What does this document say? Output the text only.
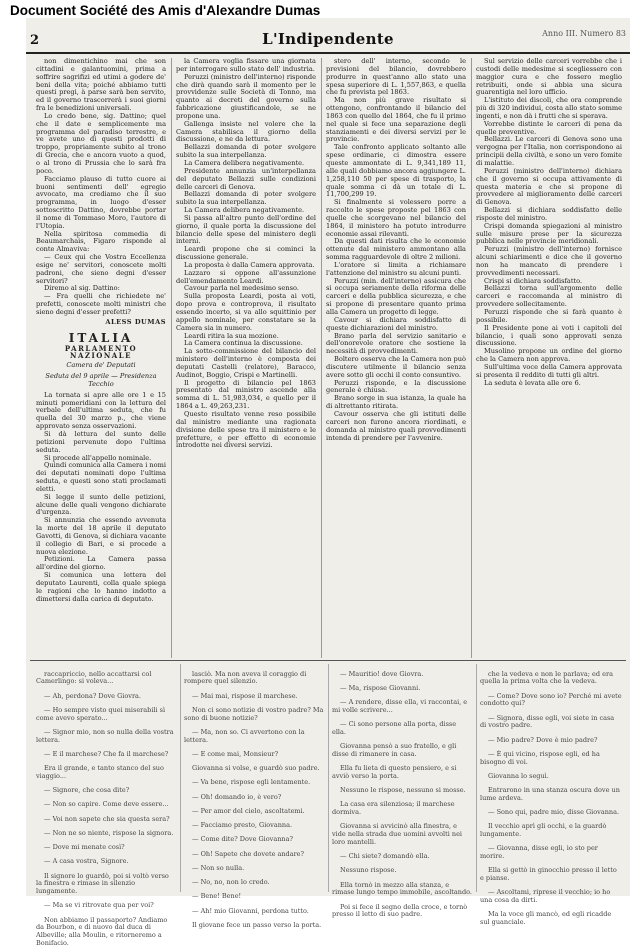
Document Société des Amis d'Alexandre Dumas
2	L'Indipendente	Anno III. Numero 83

non dimentichino mai che son cittadini e galantuomini, prima a soffrire sagrifizi ed utimi a godere de' beni della vita; poiché abbiamo tutti questi pregi, à parse sarà ben servito, ed il governo trascorrerà i suoi giorni fra le benedizioni universali.

Lo credo bene, sig. Dattino; quel che il date e semplicemente ma programma del paradiso terrestre, e ve avete uno di questi prodotti di troppo, propriamente subito al trono di Grecia, che e ancora vuoto a quod, o al trono di Prussia che lo sarà fra poco.

Facciamo plauso di tutto cuore ai buoni sentimenti dell' egregio avvocato, ma crediamo che il suo programma, in luogo d'esser sottoscritto Dattino, dovrebbe portar il nome di Tommaso Moro, l'autore di l'Utopia.

Nella spiritosa commedia di Beaumarchais, Figaro risponde al conte Almaviva:

— Ceux qui che Vostra Eccellenza esige ne' servitori, conoscete molti padroni, che sieno degni d'esser servitori?

Diremo al sig. Dattino:

— Fra quelli che richiedete ne' prefetti, conoscete molti ministri che sieno degni d'esser prefetti?

ALESS DUMAS
ITALIA
PARLAMENTO NAZIONALE
Camera de' Deputati
Seduta del 9 aprile — Presidenza Tecchio

La tornata si apre alle ore 1 e 15 minuti pomeridiani con la lettura del verbale dell'ultima seduta, che fu quella del 30 marzo p., che viene approvato senza osservazioni.

Si dà lettura del sunto delle petizioni pervenute dopo l'ultima seduta.

Si procede all'appello nominale.

Quindi comunica alla Camera i nomi dei deputati nominati dopo l'ultima seduta, e questi sono stati proclamati eletti.

Si legge il sunto delle petizioni, alcune delle quali vengono dichiarate d'urgenza.

Si annunzia che essendo avvenuta la morte del 18 aprile il deputato Gavotti, di Genova, si dichiara vacante il collegio di Bari, e si procede a nuova elezione.

Petizioni. La Camera passa all'ordine del giorno.

Si comunica una lettera del deputato Laurenti, colla quale spiega le ragioni che lo hanno indotto a dimettersi dalla carica di deputato.

la Camera voglia fissare una giornata per interrogare sullo stato dell' industria.

Peruzzi (ministro dell'interno) risponde che dirà quando sarà il momento per le provvidenze sulle Società di Tonno, ma quanto ai decreti del governo sulla fabbricazione giustificandole, se ne propone una.

Gallenga insiste nel volere che la Camera stabilisca il giorno della discussione, e ne da lettura.

Bellazzi domanda di poter svolgere subito la sua interpellanza.

La Camera delibera negativamente.

Presidente annunzia un'interpellanza del deputato Bellazzi sulle condizioni delle carceri di Genova.

Bellazzi domanda di poter svolgere subito la sua interpellanza.

La Camera delibera negativamente.

Si passa all'altro punto dell'ordine del giorno, il quale porta la discussione del bilancio delle spese del ministero degli interni.

Leardi propone che si cominci la discussione generale.

La proposta è dalla Camera approvata.

Lazzaro si oppone all'assunzione dell'emendamento Leardi.

Cavour parla nel medesimo senso.

Sulla proposta Leardi, posta ai voti, dopo prova e controprova, il risultato essendo incerto, si va allo squittinio per appello nominale, per constatare se la Camera sia in numero.

Leardi ritira la sua mozione.

La Camera continua la discussione.

La sotto-commissione del bilancio del ministero dell'interno è composta dei deputati Castelli (relatore), Baracco, Audinot, Boggio, Crispi e Martinelli.

Il progetto di bilancio pel 1863 presentato dal ministro ascende alla somma di L. 51,983,034, e quello per il 1864 a L. 49,263,231.

Questo risultato venne reso possibile dal ministro mediante una ragionata divisione delle spese tra il ministero e le prefetture, e per effetto di economie introdotte nei diversi servizi.

stero dell' interno, secondo le previsioni del bilancio, dovrebbero produrre in quest'anno allo stato una spesa superiore di L. 1,557,863, e quella che fu prevista pel 1863.

Ma non più grave risultato si ottengono, confrontando il bilancio del 1863 con quello del 1864, che fu il primo nel quale si fece una separazione degli stanziamenti e dei diversi servizi per le provincie.

Tale confronto applicato soltanto alle spese ordinarie, ci dimostra essere queste ammontate di L. 9,341,189 11, alle quali dobbiamo ancora aggiungere L. 1,258,110 50 per spese di trasporto, la quale somma ci dà un totale di L. 11,700,299 19.

Si finalmente si volessero porre a raccolto le spese proposte pel 1863 con quelle che scorgevano nel bilancio del 1864, il ministero ha potuto introdurre economie assai rilevanti.

Da questi dati risulta che le economie ottenute dal ministero ammontano alla somma ragguardevole di oltre 2 milioni.

L'oratore si limita a richiamare l'attenzione del ministro su alcuni punti.

Peruzzi (min. dell'interno) assicura che si occupa seriamente della riforma delle carceri e della pubblica sicurezza, e che si propone di presentare quanto prima alla Camera un progetto di legge.

Cavour si dichiara soddisfatto di queste dichiarazioni del ministro.

Brano parla del servizio sanitario e dell'onorevole oratore che sostiene la necessità di provvedimenti.

Boltero osserva che la Camera non può discutere utilmente il bilancio senza avere sotto gli occhi il conto consuntivo.

Peruzzi risponde, e la discussione generale è chiusa.

Brano sorge in sua istanza, la quale ha di altrettanto ritirata.

Cavour osserva che gli istituti delle carceri non furono ancora riordinati, e domanda al ministro quali provvedimenti intenda di prendere per l'avvenire.

Sul servizio delle carceri vorrebbe che i custodi delle medesime si scegliessero con maggior cura e che fossero meglio retribuiti, onde si abbia una sicura guarentigia nel loro ufficio.

L'istituto dei discoli, che ora comprende più di 320 individui, costa allo stato somme ingenti, e non dà i frutti che si sperava.

Vorrebbe distinte le carceri di pena da quelle preventive.

Bellazzi. Le carceri di Genova sono una vergogna per l'Italia, non corrispondono ai principii della civiltà, e sono un vero fomite di malattie.

Peruzzi (ministro dell'interno) dichiara che il governo si occupa attivamente di questa materia e che si propone di provvedere al miglioramento delle carceri di Genova.

Bellazzi si dichiara soddisfatto delle risposte del ministro.

Crispi domanda spiegazioni al ministro sulle misure prese per la sicurezza pubblica nelle provincie meridionali.

Peruzzi (ministro dell'interno) fornisce alcuni schiarimenti e dice che il governo non ha mancato di prendere i provvedimenti necessari.

Crispi si dichiara soddisfatto.

Bellazzi torna sull'argomento delle carceri e raccomanda al ministro di provvedere sollecitamente.

Peruzzi risponde che si farà quanto è possibile.

Il Presidente pone ai voti i capitoli del bilancio, i quali sono approvati senza discussione.

Musolino propone un ordine del giorno che la Camera non approva.

Sull'ultima voce della Camera approvata si presenta il reddito di tutti gli altri.

La seduta è levata alle ore 6.

raccapriccio, nello accattarsi col Camerlingo: si voleva...

— Ah, perdona? Dove Giovra.

— Ho sempre visto quei miserabili sì come avevo sperato...

— Signor mio, non so nulla della vostra lettera.

— E il marchese? Che fa il marchese?

Era il grande, e tanto stanco del suo viaggio...

— Signore, che cosa dite?

— Non so capire. Come deve essere...

— Voi non sapete che sia questa sera?

— Non ne so niente, rispose la signora.

— Dove mi menate così?

— A casa vostra, Signore.

Il signore lo guardò, poi si voltò verso la finestra e rimase in silenzio lungamente.

— Ma se vi ritrovate qua per voi?

Non abbiamo il passaporto? Andiamo da Bourbon, e di nuovo dal duca di Albeville; alla Moulin, e ritorneremo a Bonifacio.

lasciò. Ma non aveva il coraggio di rompere quel silenzio.

— Mai mai, rispose il marchese.

Non ci sono notizie di vostro padre? Ma sono di buone notizie?

— Ma, non so. Ci avvertono con la lettera.

— E come mai, Monsieur?

Giovanna si volse, e guardò suo padre.

— Va bene, rispose egli lentamente.

— Oh! domando io, è vero?

— Per amor del cielo, ascoltatemi.

— Facciamo presto, Giovanna.

— Come dite? Dove Giovanna?

— Oh! Sapete che dovete andare?

— Non so nulla.

— No, no, non lo credo.

— Bene! Bene!

— Ah! mio Giovanni, perdona tutto.

Il giovane fece un passo verso la porta.

— Mauritio! dove Giovra.

— Ma, rispose Giovanni.

— A rendere, disse ella, vi raccontai, e mi volle scrivere...

— Ci sono persone alla porta, disse ella.

Giovanna pensò a suo fratello, e gli disse di rimanere in casa.

Ella fu lieta di questo pensiero, e si avviò verso la porta.

Nessuno le rispose, nessuno si mosse.

La casa era silenziosa; il marchese dormiva.

Giovanna si avvicinò alla finestra, e vide nella strada due uomini avvolti nei loro mantelli.

— Chi siete? domandò ella.

Nessuno rispose.

Ella tornò in mezzo alla stanza, e rimase lungo tempo immobile, ascoltando.

Poi si fece il segno della croce, e tornò presso il letto di suo padre.

che la vedeva e non le parlava; ed era quella la prima volta che la vedeva.

— Come? Dove sono io? Perché mi avete condotto qui?

— Signora, disse egli, voi siete in casa di vostro padre.

— Mio padre? Dove è mio padre?

— È qui vicino, rispose egli, ed ha bisogno di voi.

Giovanna lo seguì.

Entrarono in una stanza oscura dove un lume ardeva.

— Sono qui, padre mio, disse Giovanna.

Il vecchio aprì gli occhi, e la guardò lungamente.

— Giovanna, disse egli, io sto per morire.

Ella si gettò in ginocchio presso il letto e pianse.

— Ascoltami, riprese il vecchio; io ho una cosa da dirti.

Ma la voce gli mancò, ed egli ricadde sul guanciale.
